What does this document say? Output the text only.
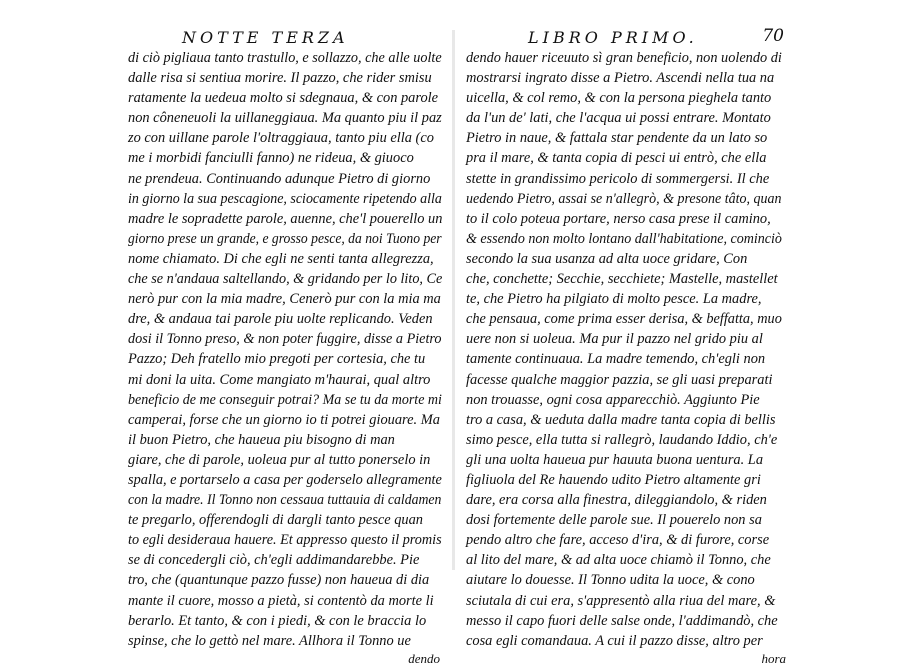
NOTTE TERZA
di ciò pigliaua tanto trastullo, e sollazzo, che alle uolte
dalle risa si sentiua morire. Il pazzo, che rider smisu
ratamente la uedeua molto si sdegnaua, & con parole
non côneneuoli la uillaneggiaua. Ma quanto piu il paz
zo con uillane parole l'oltraggiaua, tanto piu ella (co
me i morbidi fanciulli fanno) ne rideua, & giuoco
ne prendeua. Continuando adunque Pietro di giorno
in giorno la sua pescagione, sciocamente ripetendo alla
madre le sopradette parole, auenne, che'l pouerello un
giorno prese un grande, e grosso pesce, da noi Tuono per
nome chiamato. Di che egli ne senti tanta allegrezza,
che se n'andaua saltellando, & gridando per lo lito, Ce
nerò pur con la mia madre, Cenerò pur con la mia ma
dre, & andaua tai parole piu uolte replicando. Veden
dosi il Tonno preso, & non poter fuggire, disse a Pietro
Pazzo; Deh fratello mio pregoti per cortesia, che tu
mi doni la uita. Come mangiato m'haurai, qual altro
beneficio de me conseguir potrai? Ma se tu da morte mi
camperai, forse che un giorno io ti potrei giouare. Ma
il buon Pietro, che haueua piu bisogno di man
giare, che di parole, uoleua pur al tutto ponerselo in
spalla, e portarselo a casa per goderselo allegramente
con la madre. Il Tonno non cessaua tuttauia di caldamen
te pregarlo, offerendogli di dargli tanto pesce quan
to egli desideraua hauere. Et appresso questo il promis
se di concedergli ciò, ch'egli addimandarebbe. Pie
tro, che (quantunque pazzo fusse) non haueua di dia
mante il cuore, mosso a pietà, si contentò da morte li
berarlo. Et tanto, & con i piedi, & con le braccia lo
spinse, che lo gettò nel mare. Allhora il Tonno ue
dendo
LIBRO PRIMO.	70
dendo hauer riceuuto sì gran beneficio, non uolendo di
mostrarsi ingrato disse a Pietro. Ascendi nella tua na
uicella, & col remo, & con la persona pieghela tanto
da l'un de' lati, che l'acqua ui possi entrare. Montato
Pietro in naue, & fattala star pendente da un lato so
pra il mare, & tanta copia di pesci ui entrò, che ella
stette in grandissimo pericolo di sommergersi. Il che
uedendo Pietro, assai se n'allegrò, & presone tâto, quan
to il colo poteua portare, nerso casa prese il camino,
& essendo non molto lontano dall'habitatione, cominciò
secondo la sua usanza ad alta uoce gridare, Con
che, conchette; Secchie, secchiete; Mastelle, mastellet
te, che Pietro ha pilgiato di molto pesce. La madre,
che pensaua, come prima esser derisa, & beffatta, muo
uere non si uoleua. Ma pur il pazzo nel grido piu al
tamente continuaua. La madre temendo, ch'egli non
facesse qualche maggior pazzia, se gli uasi preparati
non trouasse, ogni cosa apparecchiò. Aggiunto Pie
tro a casa, & ueduta dalla madre tanta copia di bellis
simo pesce, ella tutta si rallegrò, laudando Iddio, ch'e
gli una uolta haueua pur hauuta buona uentura. La
figliuola del Re hauendo udito Pietro altamente gri
dare, era corsa alla finestra, dileggiandolo, & riden
dosi fortemente delle parole sue. Il pouerelo non sa
pendo altro che fare, acceso d'ira, & di furore, corse
al lito del mare, & ad alta uoce chiamò il Tonno, che
aiutare lo douesse. Il Tonno udita la uoce, & cono
sciutala di cui era, s'appresentò alla riua del mare, &
messo il capo fuori delle salse onde, l'addimandò, che
cosa egli comandaua. A cui il pazzo disse, altro per
hora
